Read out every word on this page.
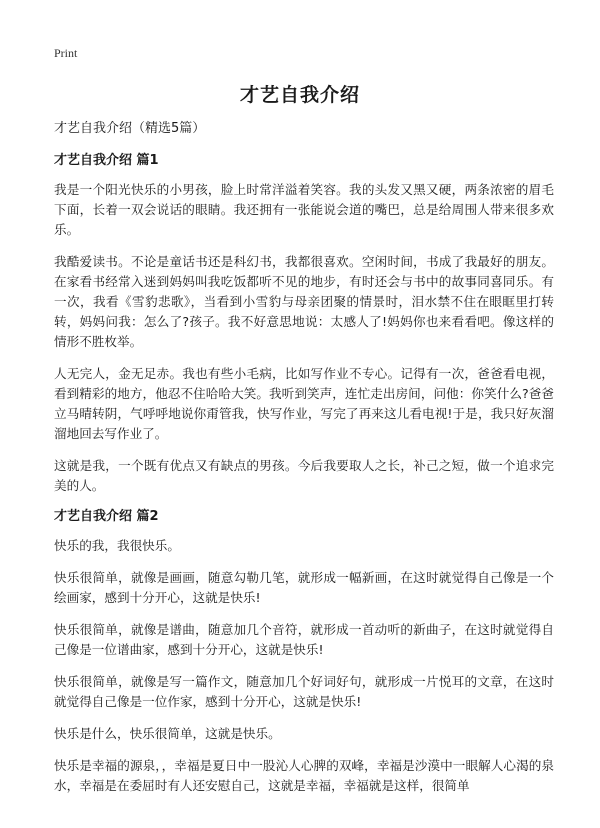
Print
才艺自我介绍
才艺自我介绍（精选5篇）
才艺自我介绍 篇1

我是一个阳光快乐的小男孩，脸上时常洋溢着笑容。我的头发又黑又硬，两条浓密的眉毛下面，长着一双会说话的眼睛。我还拥有一张能说会道的嘴巴，总是给周围人带来很多欢乐。

我酷爱读书。不论是童话书还是科幻书，我都很喜欢。空闲时间，书成了我最好的朋友。在家看书经常入迷到妈妈叫我吃饭都听不见的地步，有时还会与书中的故事同喜同乐。有一次，我看《雪豹悲歌》，当看到小雪豹与母亲团聚的情景时，泪水禁不住在眼眶里打转转，妈妈问我：怎么了?孩子。我不好意思地说：太感人了!妈妈你也来看看吧。像这样的情形不胜枚举。

人无完人，金无足赤。我也有些小毛病，比如写作业不专心。记得有一次，爸爸看电视，看到精彩的地方，他忍不住哈哈大笑。我听到笑声，连忙走出房间，问他：你笑什么?爸爸立马晴转阴，气呼呼地说你甭管我，快写作业，写完了再来这儿看电视!于是，我只好灰溜溜地回去写作业了。

这就是我，一个既有优点又有缺点的男孩。今后我要取人之长，补己之短，做一个追求完美的人。

才艺自我介绍 篇2

快乐的我，我很快乐。

快乐很简单，就像是画画，随意勾勒几笔，就形成一幅新画，在这时就觉得自己像是一个绘画家，感到十分开心，这就是快乐!

快乐很简单，就像是谱曲，随意加几个音符，就形成一首动听的新曲子，在这时就觉得自己像是一位谱曲家，感到十分开心，这就是快乐!

快乐很简单，就像是写一篇作文，随意加几个好词好句，就形成一片悦耳的文章，在这时就觉得自己像是一位作家，感到十分开心，这就是快乐!

快乐是什么，快乐很简单，这就是快乐。

快乐是幸福的源泉，，幸福是夏日中一股沁人心脾的双峰，幸福是沙漠中一眼解人心渴的泉水，幸福是在委屈时有人还安慰自己，这就是幸福，幸福就是这样，很简单
